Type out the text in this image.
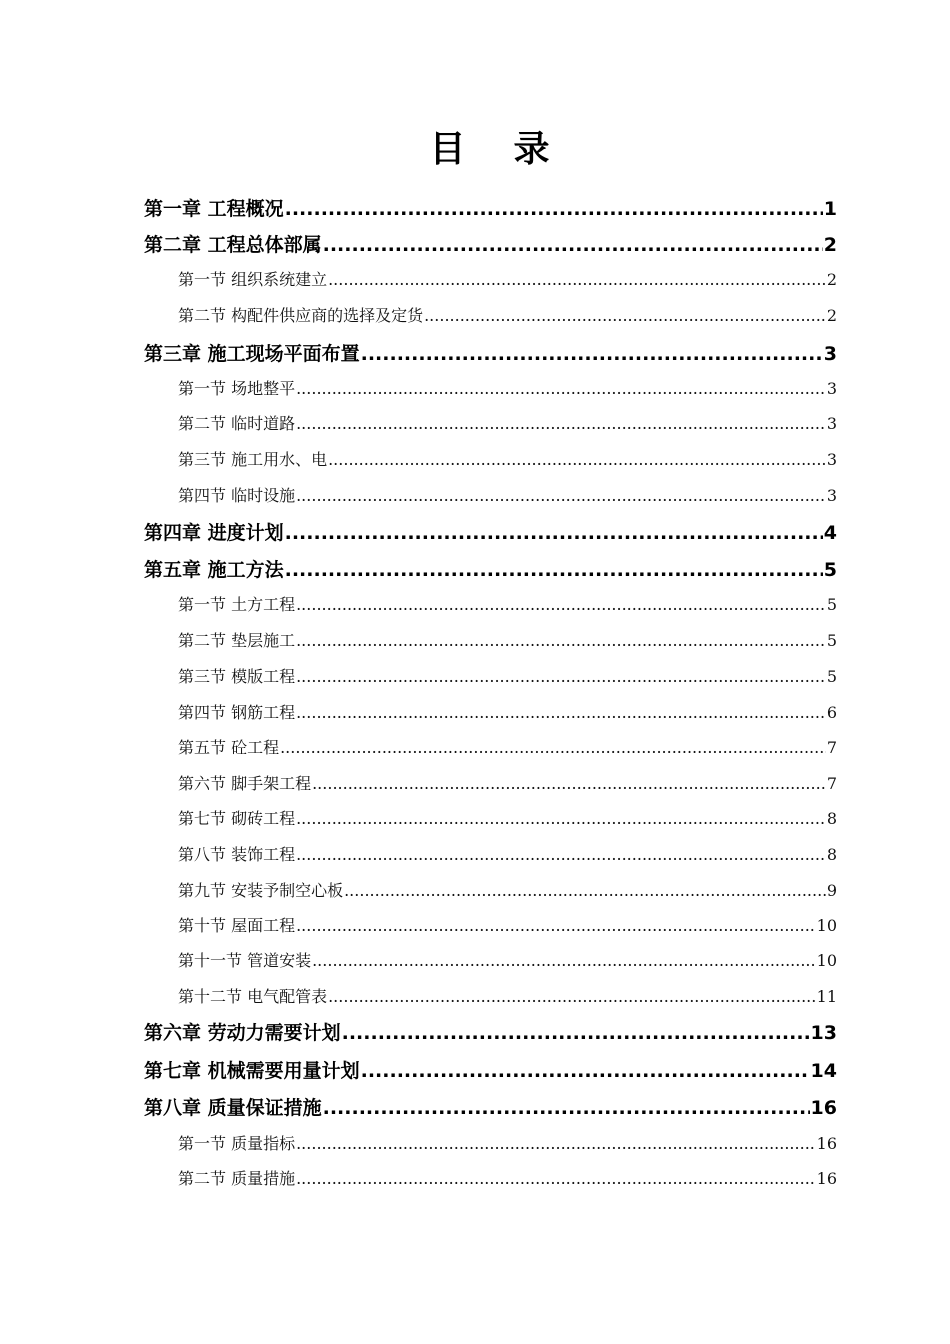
目　录
第一章 工程概况 .....	1
第二章 工程总体部属 .....	2
第一节 组织系统建立 .....	2
第二节 构配件供应商的选择及定货 .....	2
第三章 施工现场平面布置 .....	3
第一节 场地整平 .....	3
第二节 临时道路 .....	3
第三节 施工用水、电 .....	3
第四节 临时设施 .....	3
第四章 进度计划 .....	4
第五章 施工方法 .....	5
第一节 土方工程 .....	5
第二节 垫层施工 .....	5
第三节 模版工程 .....	5
第四节 钢筋工程 .....	6
第五节 砼工程 .....	7
第六节 脚手架工程 .....	7
第七节 砌砖工程 .....	8
第八节 装饰工程 .....	8
第九节 安装予制空心板 .....	9
第十节 屋面工程 .....	10
第十一节 管道安装 .....	10
第十二节 电气配管表 .....	11
第六章 劳动力需要计划 .....	13
第七章 机械需要用量计划 .....	14
第八章 质量保证措施 .....	16
第一节 质量指标 .....	16
第二节 质量措施 .....	16
